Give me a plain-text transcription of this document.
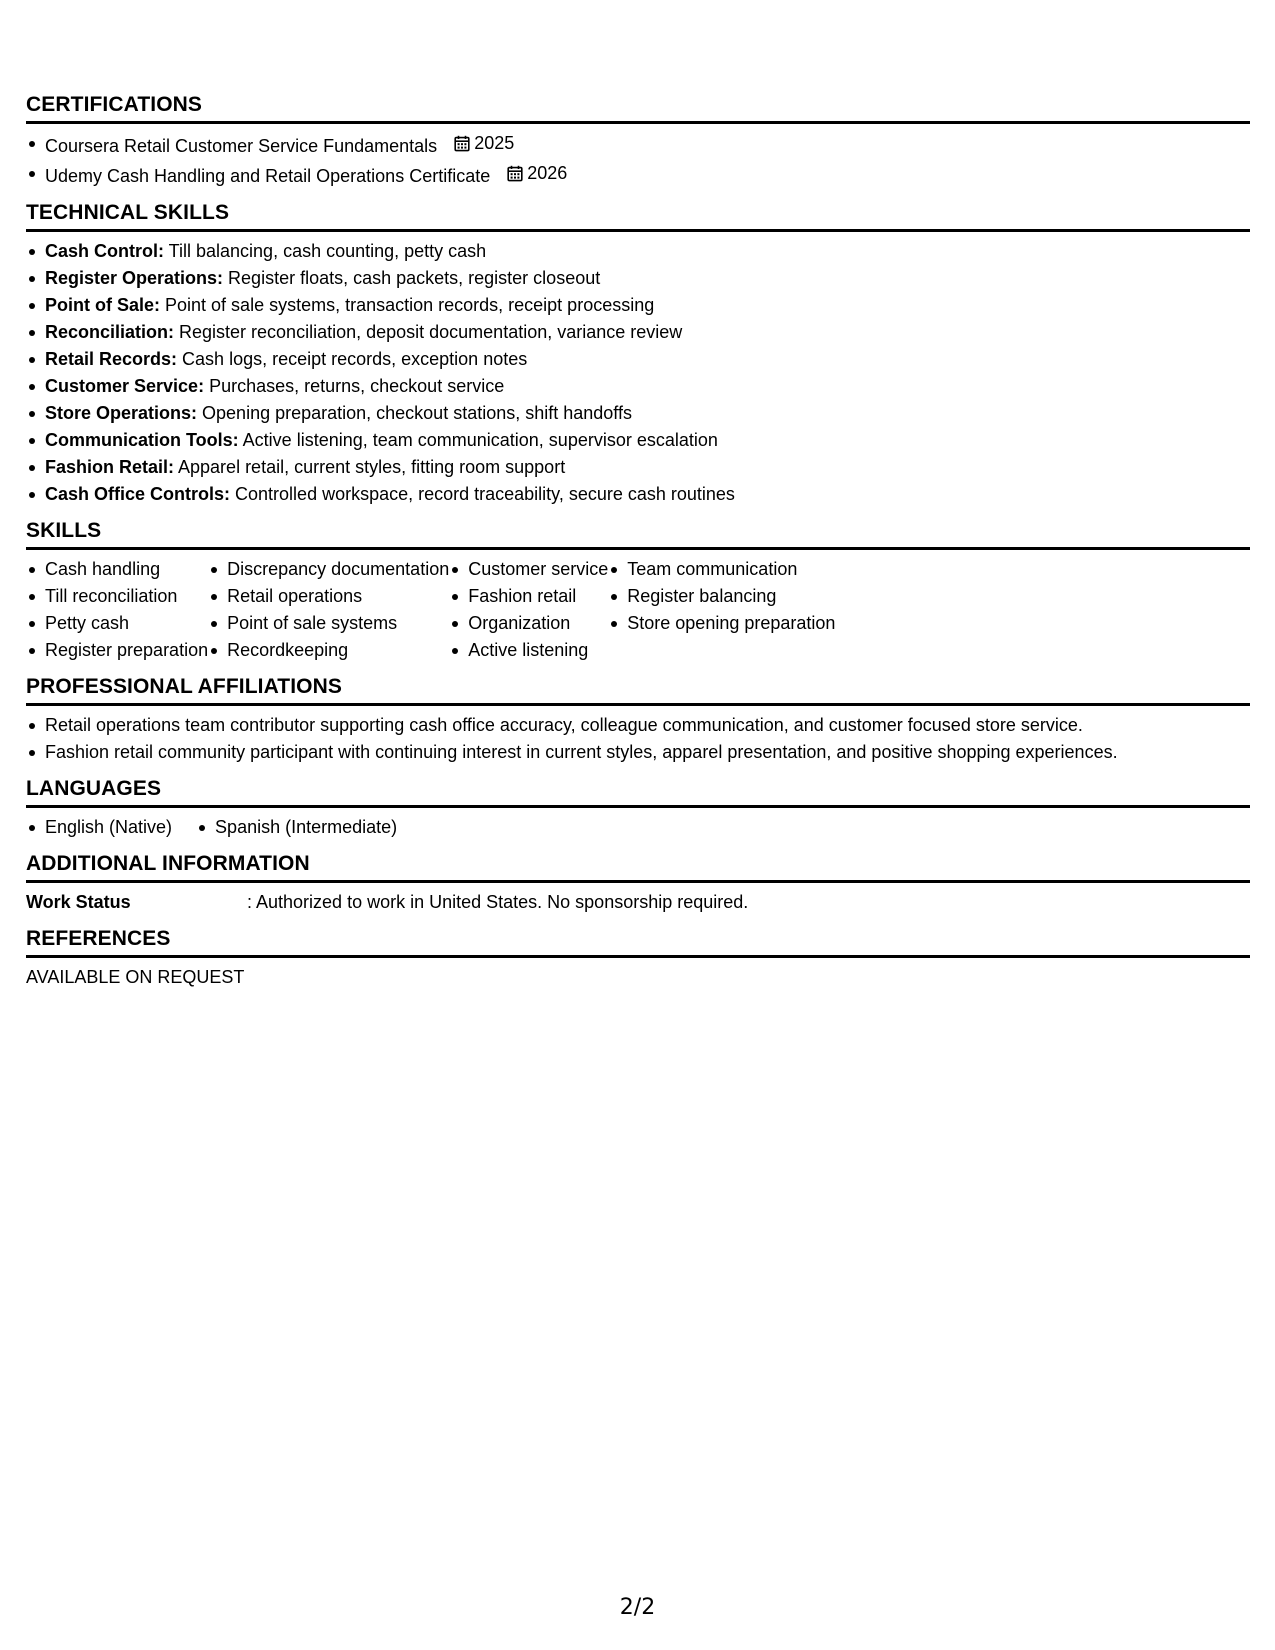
CERTIFICATIONS
Coursera Retail Customer Service Fundamentals 2025
Udemy Cash Handling and Retail Operations Certificate 2026
TECHNICAL SKILLS
Cash Control: Till balancing, cash counting, petty cash
Register Operations: Register floats, cash packets, register closeout
Point of Sale: Point of sale systems, transaction records, receipt processing
Reconciliation: Register reconciliation, deposit documentation, variance review
Retail Records: Cash logs, receipt records, exception notes
Customer Service: Purchases, returns, checkout service
Store Operations: Opening preparation, checkout stations, shift handoffs
Communication Tools: Active listening, team communication, supervisor escalation
Fashion Retail: Apparel retail, current styles, fitting room support
Cash Office Controls: Controlled workspace, record traceability, secure cash routines
SKILLS
Cash handling
Till reconciliation
Petty cash
Register preparation
Discrepancy documentation
Retail operations
Point of sale systems
Recordkeeping
Customer service
Fashion retail
Organization
Active listening
Team communication
Register balancing
Store opening preparation
PROFESSIONAL AFFILIATIONS
Retail operations team contributor supporting cash office accuracy, colleague communication, and customer focused store service.
Fashion retail community participant with continuing interest in current styles, apparel presentation, and positive shopping experiences.
LANGUAGES
English (Native)	Spanish (Intermediate)
ADDITIONAL INFORMATION
Work Status	: Authorized to work in United States. No sponsorship required.
REFERENCES
AVAILABLE ON REQUEST
2/2
